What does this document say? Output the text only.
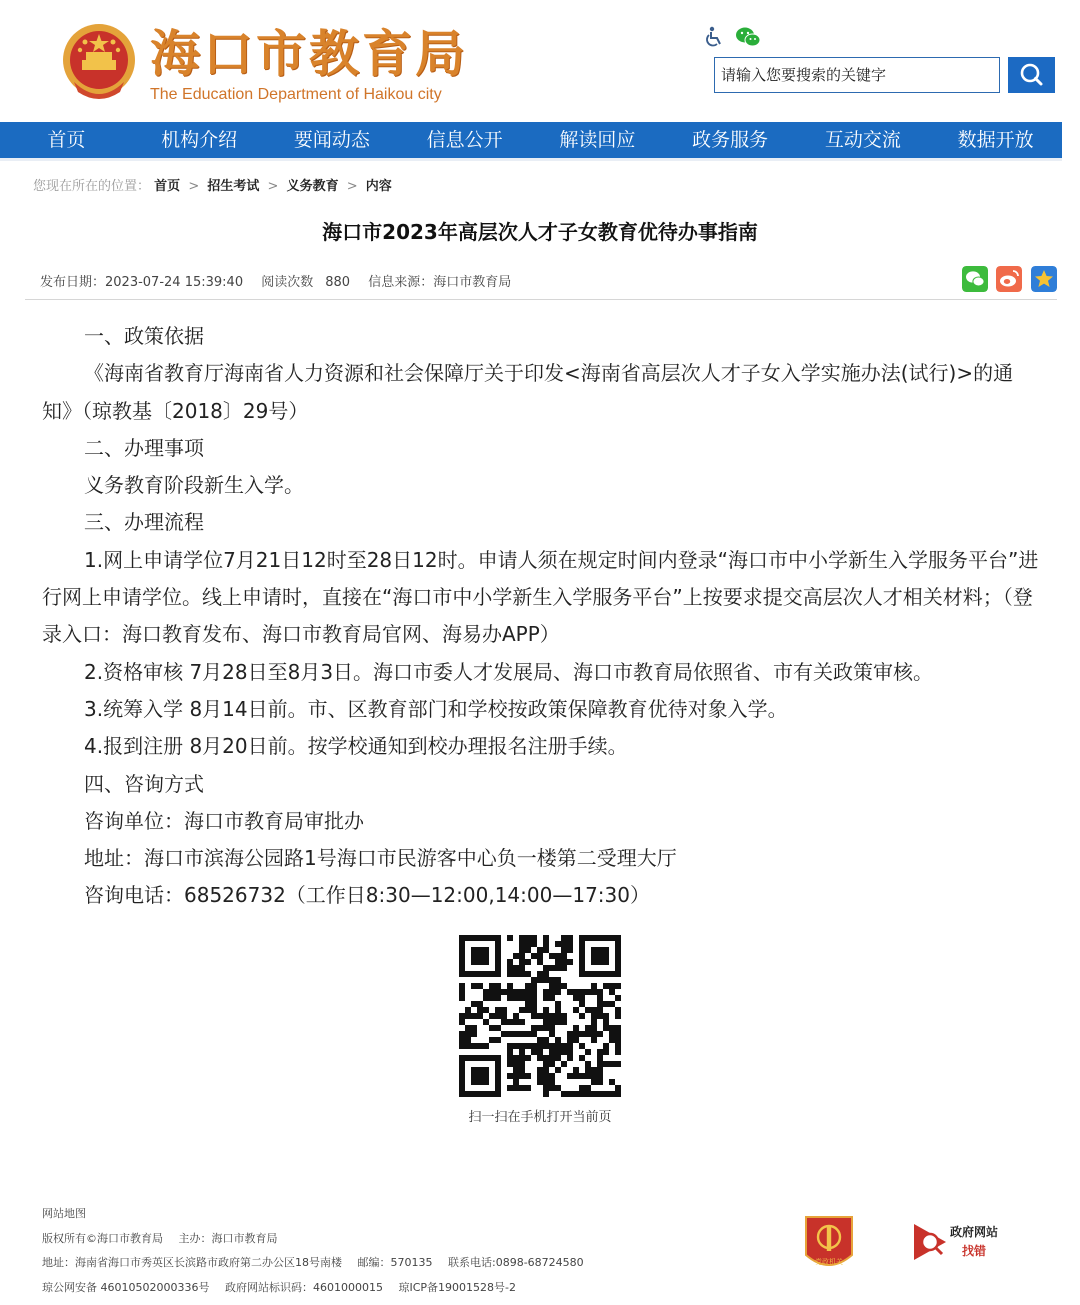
海口市教育局
The Education Department of Haikou city
请输入您要搜索的关键字
首页	机构介绍	要闻动态	信息公开	解读回应	政务服务	互动交流	数据开放
您现在所在的位置： 首页 > 招生考试 > 义务教育 > 内容
海口市2023年高层次人才子女教育优待办事指南
发布日期：2023-07-24 15:39:40 阅读次数 880 信息来源：海口市教育局

一、政策依据

《海南省教育厅海南省人力资源和社会保障厅关于印发<海南省高层次人才子女入学实施办法(试行)>的通知》（琼教基〔2018〕29号）

二、办理事项

义务教育阶段新生入学。

三、办理流程

1.网上申请学位7月21日12时至28日12时。申请人须在规定时间内登录“海口市中小学新生入学服务平台”进行网上申请学位。线上申请时，直接在“海口市中小学新生入学服务平台”上按要求提交高层次人才相关材料；（登录入口：海口教育发布、海口市教育局官网、海易办APP）

2.资格审核 7月28日至8月3日。海口市委人才发展局、海口市教育局依照省、市有关政策审核。

3.统筹入学 8月14日前。市、区教育部门和学校按政策保障教育优待对象入学。

4.报到注册 8月20日前。按学校通知到校办理报名注册手续。

四、咨询方式

咨询单位：海口市教育局审批办

地址：海口市滨海公园路1号海口市民游客中心负一楼第二受理大厅

咨询电话：68526732（工作日8:30—12:00,14:00—17:30）

扫一扫在手机打开当前页
网站地图
版权所有©海口市教育局 主办：海口市教育局
地址：海南省海口市秀英区长滨路市政府第二办公区18号南楼 邮编：570135 联系电话:0898-68724580
琼公网安备 46010502000336号 政府网站标识码：4601000015 琼ICP备19001528号-2
党政机关
政府网站
找错
